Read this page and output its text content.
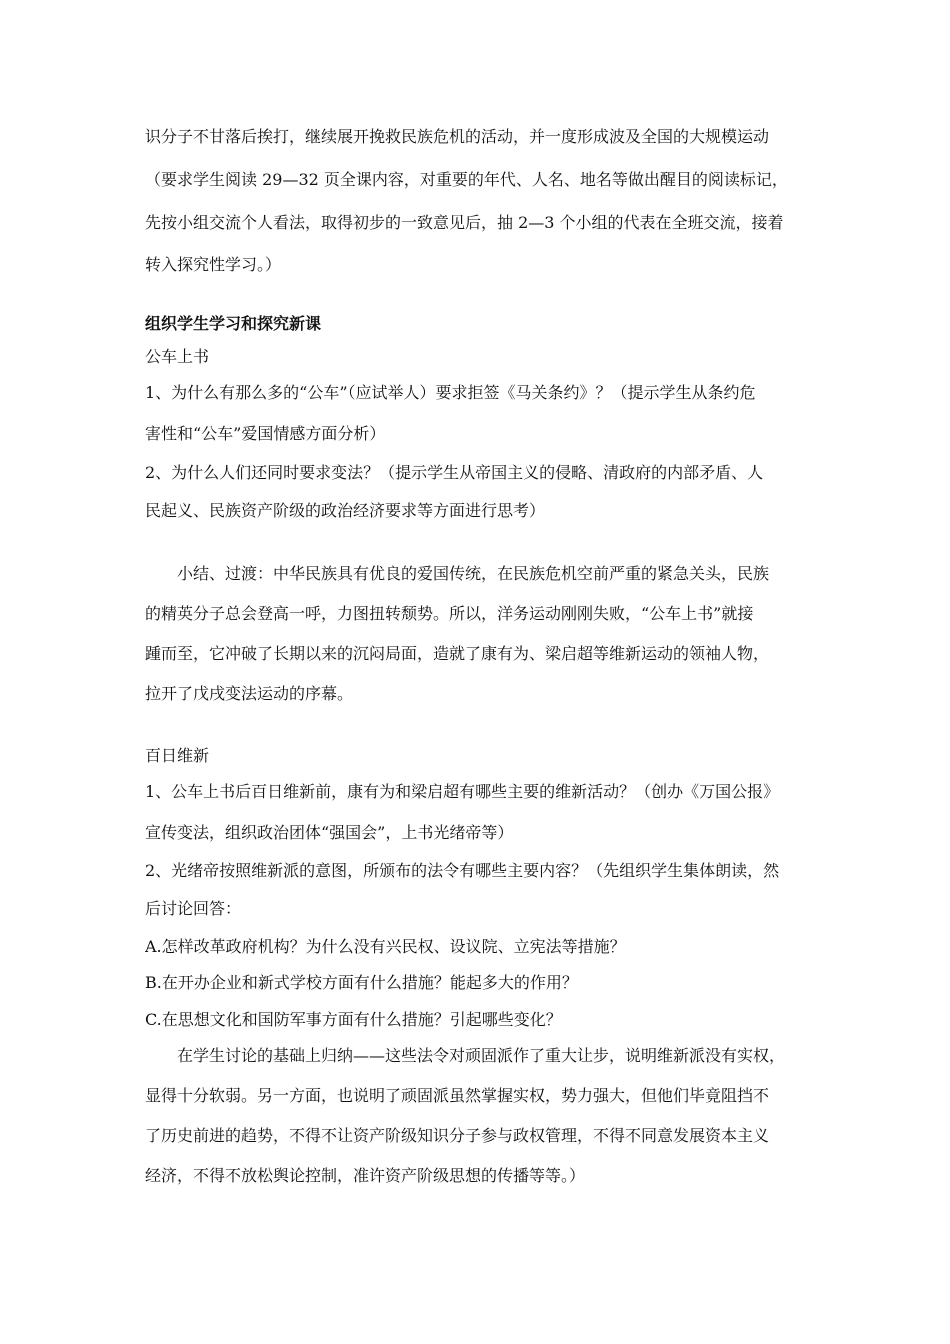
识分子不甘落后挨打，继续展开挽救民族危机的活动，并一度形成波及全国的大规模运动
（要求学生阅读 29—32 页全课内容，对重要的年代、人名、地名等做出醒目的阅读标记，
先按小组交流个人看法，取得初步的一致意见后，抽 2—3 个小组的代表在全班交流，接着
转入探究性学习。）
组织学生学习和探究新课
公车上书
1、为什么有那么多的“公车”（应试举人）要求拒签《马关条约》？（提示学生从条约危
害性和“公车”爱国情感方面分析）
2、为什么人们还同时要求变法？（提示学生从帝国主义的侵略、清政府的内部矛盾、人
民起义、民族资产阶级的政治经济要求等方面进行思考）
小结、过渡：中华民族具有优良的爱国传统，在民族危机空前严重的紧急关头，民族
的精英分子总会登高一呼，力图扭转颓势。所以，洋务运动刚刚失败，“公车上书”就接
踵而至，它冲破了长期以来的沉闷局面，造就了康有为、梁启超等维新运动的领袖人物，
拉开了戊戌变法运动的序幕。
百日维新
1、公车上书后百日维新前，康有为和梁启超有哪些主要的维新活动？（创办《万国公报》
宣传变法，组织政治团体“强国会”，上书光绪帝等）
2、光绪帝按照维新派的意图，所颁布的法令有哪些主要内容？（先组织学生集体朗读，然
后讨论回答：
A.怎样改革政府机构？为什么没有兴民权、设议院、立宪法等措施？
B.在开办企业和新式学校方面有什么措施？能起多大的作用？
C.在思想文化和国防军事方面有什么措施？引起哪些变化？
在学生讨论的基础上归纳——这些法令对顽固派作了重大让步，说明维新派没有实权，
显得十分软弱。另一方面，也说明了顽固派虽然掌握实权，势力强大，但他们毕竟阻挡不
了历史前进的趋势，不得不让资产阶级知识分子参与政权管理，不得不同意发展资本主义
经济，不得不放松舆论控制，准许资产阶级思想的传播等等。）
